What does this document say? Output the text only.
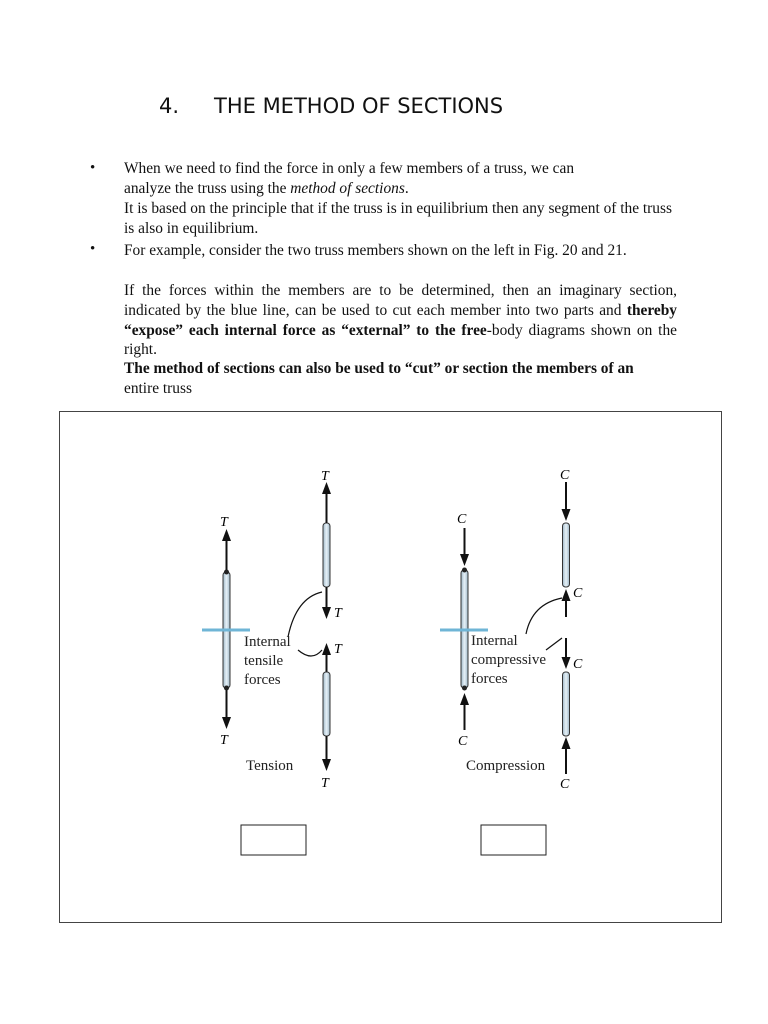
4. THE METHOD OF SECTIONS
•
•

When we need to find the force in only a few members of a truss, we can
analyze the truss using the method of sections.

It is based on the principle that if the truss is in equilibrium then any segment of the truss is also in equilibrium.

For example, consider the two truss members shown on the left in Fig. 20 and 21.

If the forces within the members are to be determined, then an imaginary section, indicated by the blue line, can be used to cut each member into two parts and thereby “expose” each internal force as “external” to the free-body diagrams shown on the right.

The method of sections can also be used to “cut” or section the members of an
entire truss

T
T
T
T
T
T
Internal
tensile
forces
Tension
C
C
C
C
C
C
Internal
compressive
forces
Compression
